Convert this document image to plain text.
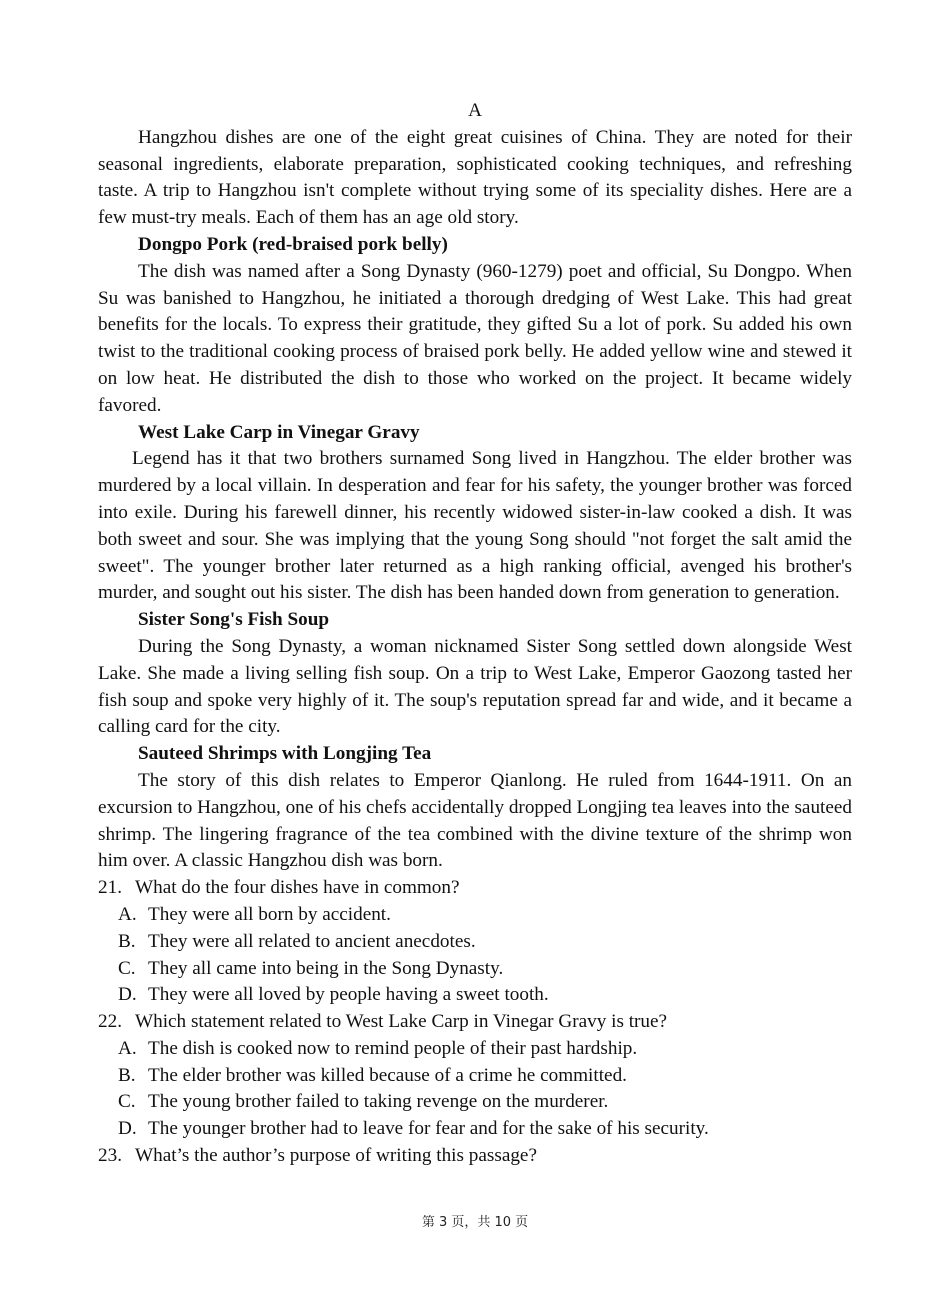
A

Hangzhou dishes are one of the eight great cuisines of China. They are noted for their seasonal ingredients, elaborate preparation, sophisticated cooking techniques, and refreshing taste. A trip to Hangzhou isn't complete without trying some of its speciality dishes. Here are a few must-try meals. Each of them has an age old story.

Dongpo Pork (red-braised pork belly)

The dish was named after a Song Dynasty (960-1279) poet and official, Su Dongpo. When Su was banished to Hangzhou, he initiated a thorough dredging of West Lake. This had great benefits for the locals. To express their gratitude, they gifted Su a lot of pork. Su added his own twist to the traditional cooking process of braised pork belly. He added yellow wine and stewed it on low heat. He distributed the dish to those who worked on the project. It became widely favored.

West Lake Carp in Vinegar Gravy

Legend has it that two brothers surnamed Song lived in Hangzhou. The elder brother was murdered by a local villain. In desperation and fear for his safety, the younger brother was forced into exile. During his farewell dinner, his recently widowed sister-in-law cooked a dish. It was both sweet and sour. She was implying that the young Song should "not forget the salt amid the sweet". The younger brother later returned as a high ranking official, avenged his brother's murder, and sought out his sister. The dish has been handed down from generation to generation.

Sister Song's Fish Soup

During the Song Dynasty, a woman nicknamed Sister Song settled down alongside West Lake. She made a living selling fish soup. On a trip to West Lake, Emperor Gaozong tasted her fish soup and spoke very highly of it. The soup's reputation spread far and wide, and it became a calling card for the city.

Sauteed Shrimps with Longjing Tea

The story of this dish relates to Emperor Qianlong. He ruled from 1644-1911. On an excursion to Hangzhou, one of his chefs accidentally dropped Longjing tea leaves into the sauteed shrimp. The lingering fragrance of the tea combined with the divine texture of the shrimp won him over. A classic Hangzhou dish was born.

21. What do the four dishes have in common?

A. They were all born by accident.

B. They were all related to ancient anecdotes.

C. They all came into being in the Song Dynasty.

D. They were all loved by people having a sweet tooth.

22. Which statement related to West Lake Carp in Vinegar Gravy is true?

A. The dish is cooked now to remind people of their past hardship.

B. The elder brother was killed because of a crime he committed.

C. The young brother failed to taking revenge on the murderer.

D. The younger brother had to leave for fear and for the sake of his security.

23. What’s the author’s purpose of writing this passage?

第 3 页，共 10 页
